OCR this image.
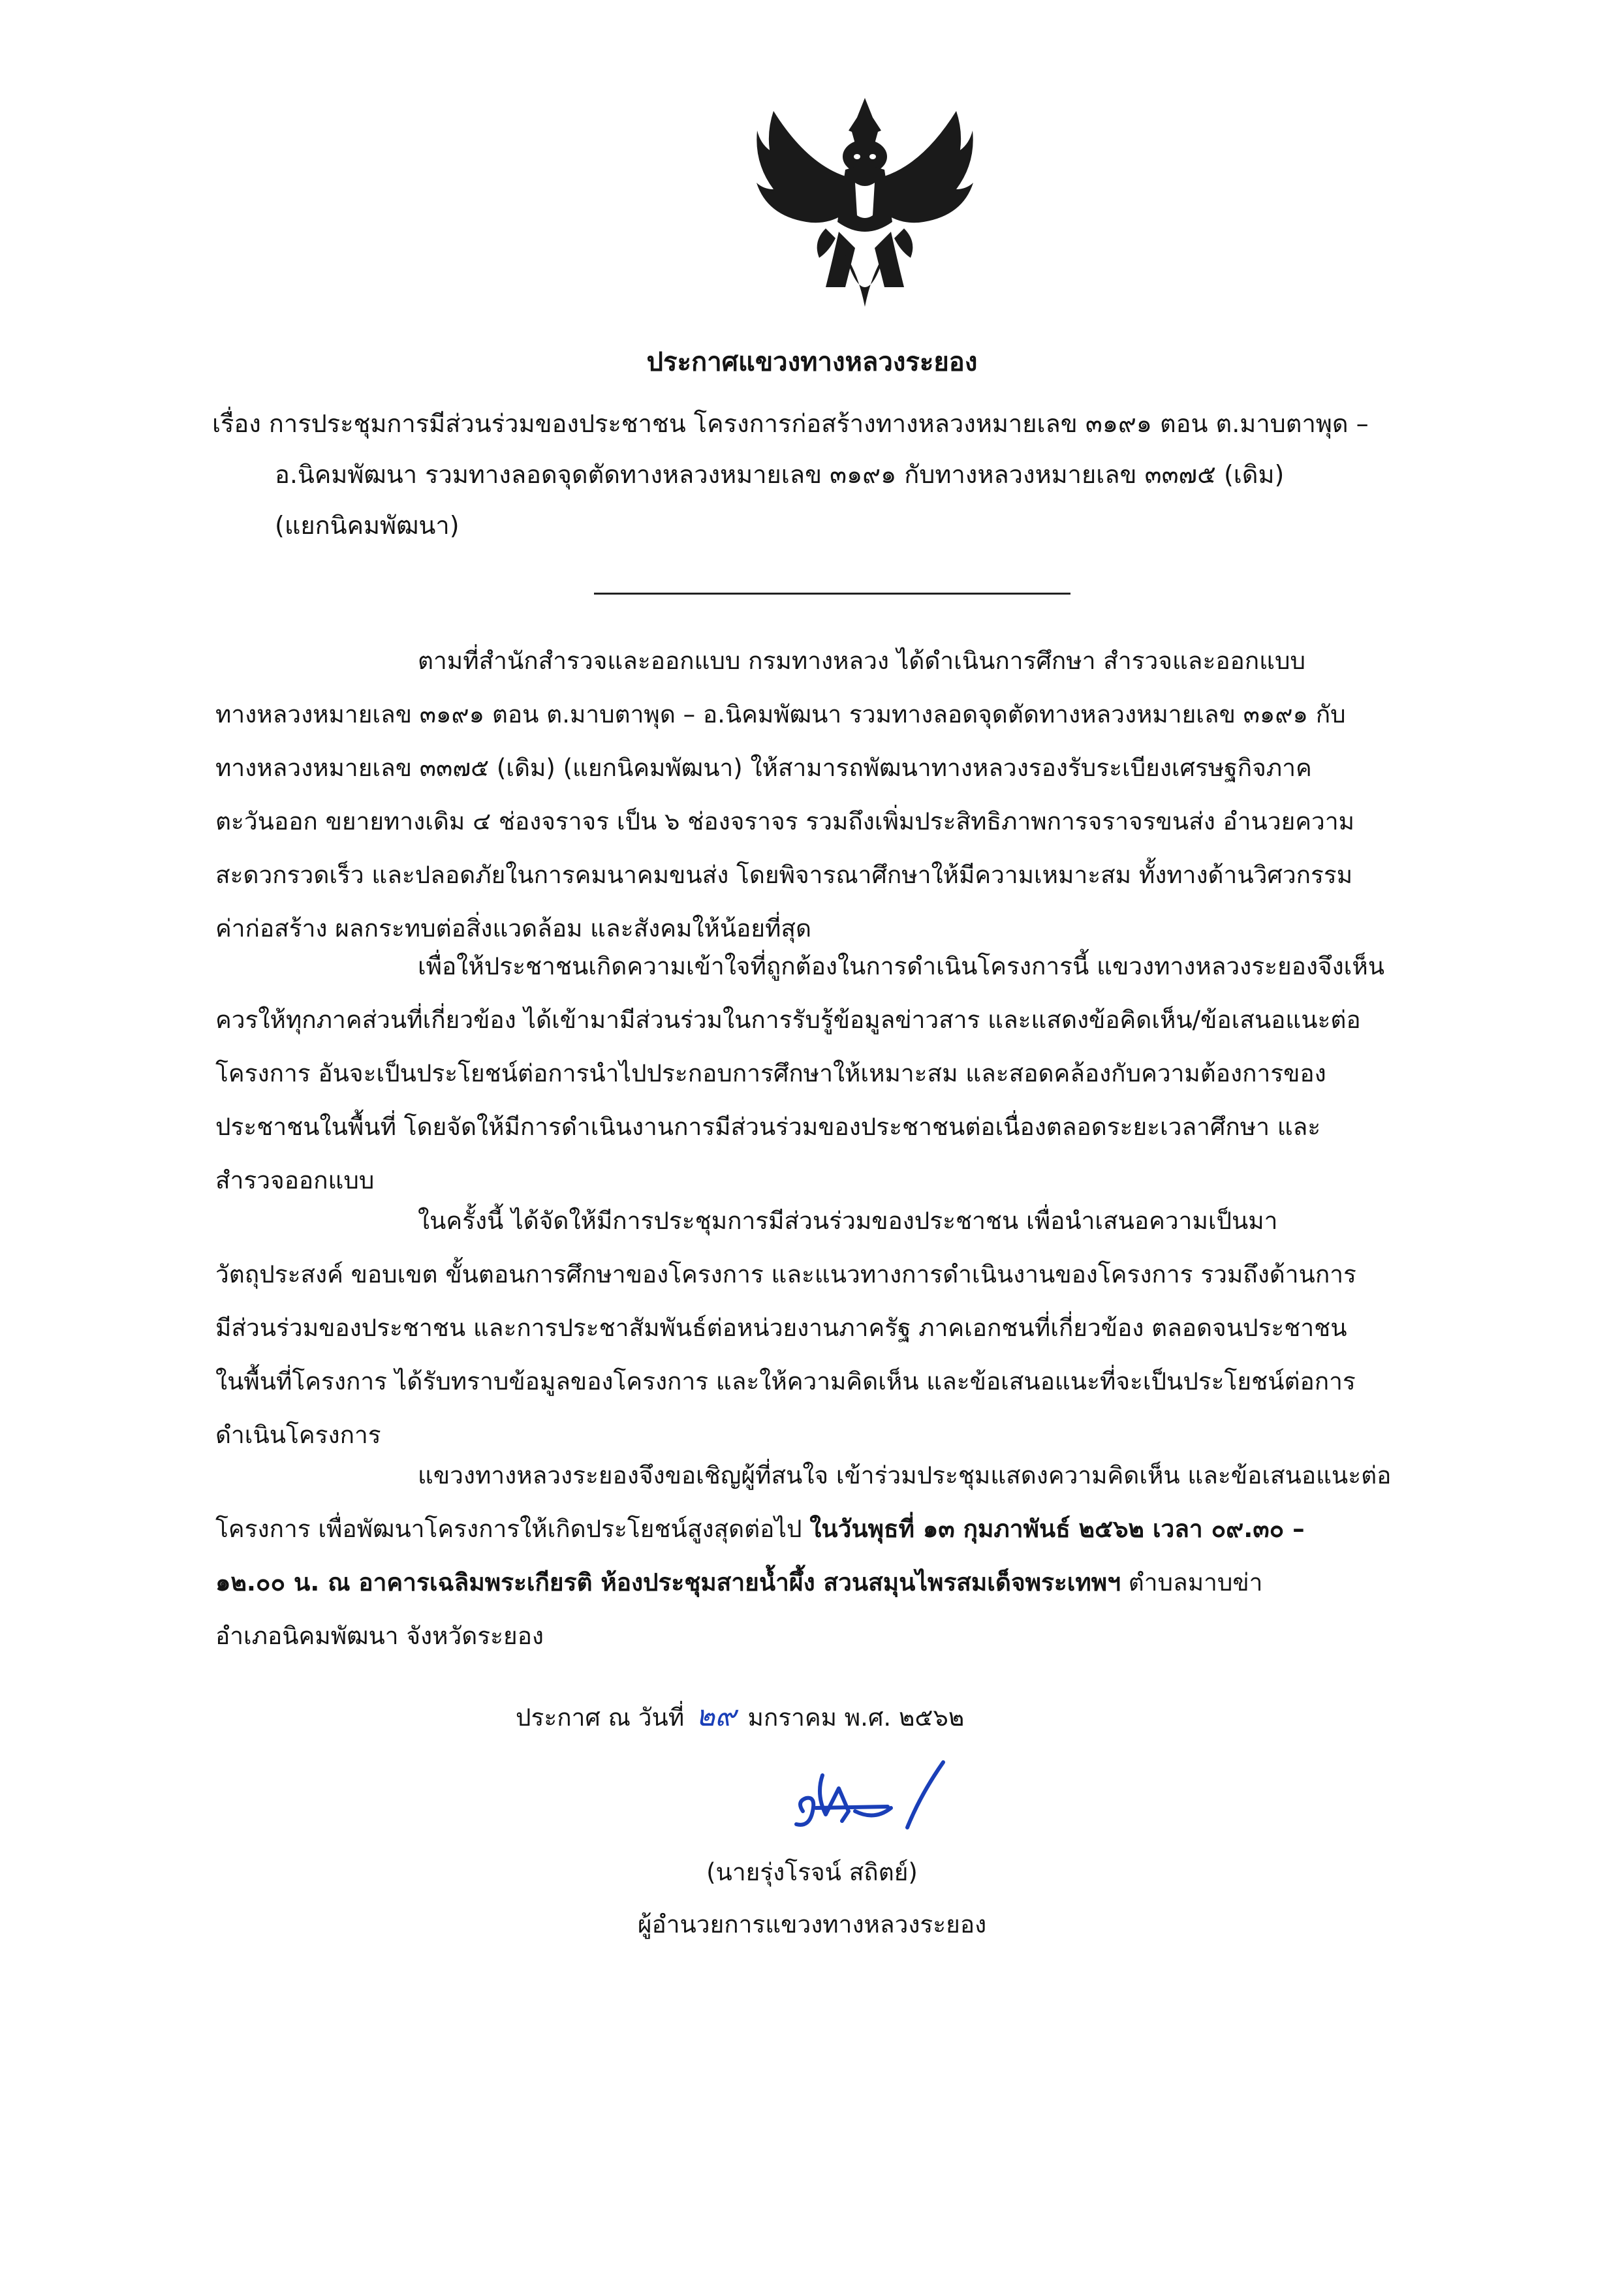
ประกาศแขวงทางหลวงระยอง
เรื่อง การประชุมการมีส่วนร่วมของประชาชน โครงการก่อสร้างทางหลวงหมายเลข ๓๑๙๑ ตอน ต.มาบตาพุด –
อ.นิคมพัฒนา รวมทางลอดจุดตัดทางหลวงหมายเลข ๓๑๙๑ กับทางหลวงหมายเลข ๓๓๗๕ (เดิม)
(แยกนิคมพัฒนา)
ตามที่สำนักสำรวจและออกแบบ กรมทางหลวง ได้ดำเนินการศึกษา สำรวจและออกแบบ
ทางหลวงหมายเลข ๓๑๙๑ ตอน ต.มาบตาพุด – อ.นิคมพัฒนา รวมทางลอดจุดตัดทางหลวงหมายเลข ๓๑๙๑ กับ
ทางหลวงหมายเลข ๓๓๗๕ (เดิม) (แยกนิคมพัฒนา) ให้สามารถพัฒนาทางหลวงรองรับระเบียงเศรษฐกิจภาค
ตะวันออก ขยายทางเดิม ๔ ช่องจราจร เป็น ๖ ช่องจราจร รวมถึงเพิ่มประสิทธิภาพการจราจรขนส่ง อำนวยความ
สะดวกรวดเร็ว และปลอดภัยในการคมนาคมขนส่ง โดยพิจารณาศึกษาให้มีความเหมาะสม ทั้งทางด้านวิศวกรรม
ค่าก่อสร้าง ผลกระทบต่อสิ่งแวดล้อม และสังคมให้น้อยที่สุด
เพื่อให้ประชาชนเกิดความเข้าใจที่ถูกต้องในการดำเนินโครงการนี้ แขวงทางหลวงระยองจึงเห็น
ควรให้ทุกภาคส่วนที่เกี่ยวข้อง ได้เข้ามามีส่วนร่วมในการรับรู้ข้อมูลข่าวสาร และแสดงข้อคิดเห็น/ข้อเสนอแนะต่อ
โครงการ อันจะเป็นประโยชน์ต่อการนำไปประกอบการศึกษาให้เหมาะสม และสอดคล้องกับความต้องการของ
ประชาชนในพื้นที่ โดยจัดให้มีการดำเนินงานการมีส่วนร่วมของประชาชนต่อเนื่องตลอดระยะเวลาศึกษา และ
สำรวจออกแบบ
ในครั้งนี้ ได้จัดให้มีการประชุมการมีส่วนร่วมของประชาชน เพื่อนำเสนอความเป็นมา
วัตถุประสงค์ ขอบเขต ขั้นตอนการศึกษาของโครงการ และแนวทางการดำเนินงานของโครงการ รวมถึงด้านการ
มีส่วนร่วมของประชาชน และการประชาสัมพันธ์ต่อหน่วยงานภาครัฐ ภาคเอกชนที่เกี่ยวข้อง ตลอดจนประชาชน
ในพื้นที่โครงการ ได้รับทราบข้อมูลของโครงการ และให้ความคิดเห็น และข้อเสนอแนะที่จะเป็นประโยชน์ต่อการ
ดำเนินโครงการ
แขวงทางหลวงระยองจึงขอเชิญผู้ที่สนใจ เข้าร่วมประชุมแสดงความคิดเห็น และข้อเสนอแนะต่อ
โครงการ เพื่อพัฒนาโครงการให้เกิดประโยชน์สูงสุดต่อไป ในวันพุธที่ ๑๓ กุมภาพันธ์ ๒๕๖๒ เวลา ๐๙.๓๐ –
๑๒.๐๐ น. ณ อาคารเฉลิมพระเกียรติ ห้องประชุมสายน้ำผึ้ง สวนสมุนไพรสมเด็จพระเทพฯ ตำบลมาบข่า
อำเภอนิคมพัฒนา จังหวัดระยอง
ประกาศ ณ วันที่ ๒๙ มกราคม พ.ศ. ๒๕๖๒
(นายรุ่งโรจน์ สถิตย์)
ผู้อำนวยการแขวงทางหลวงระยอง
